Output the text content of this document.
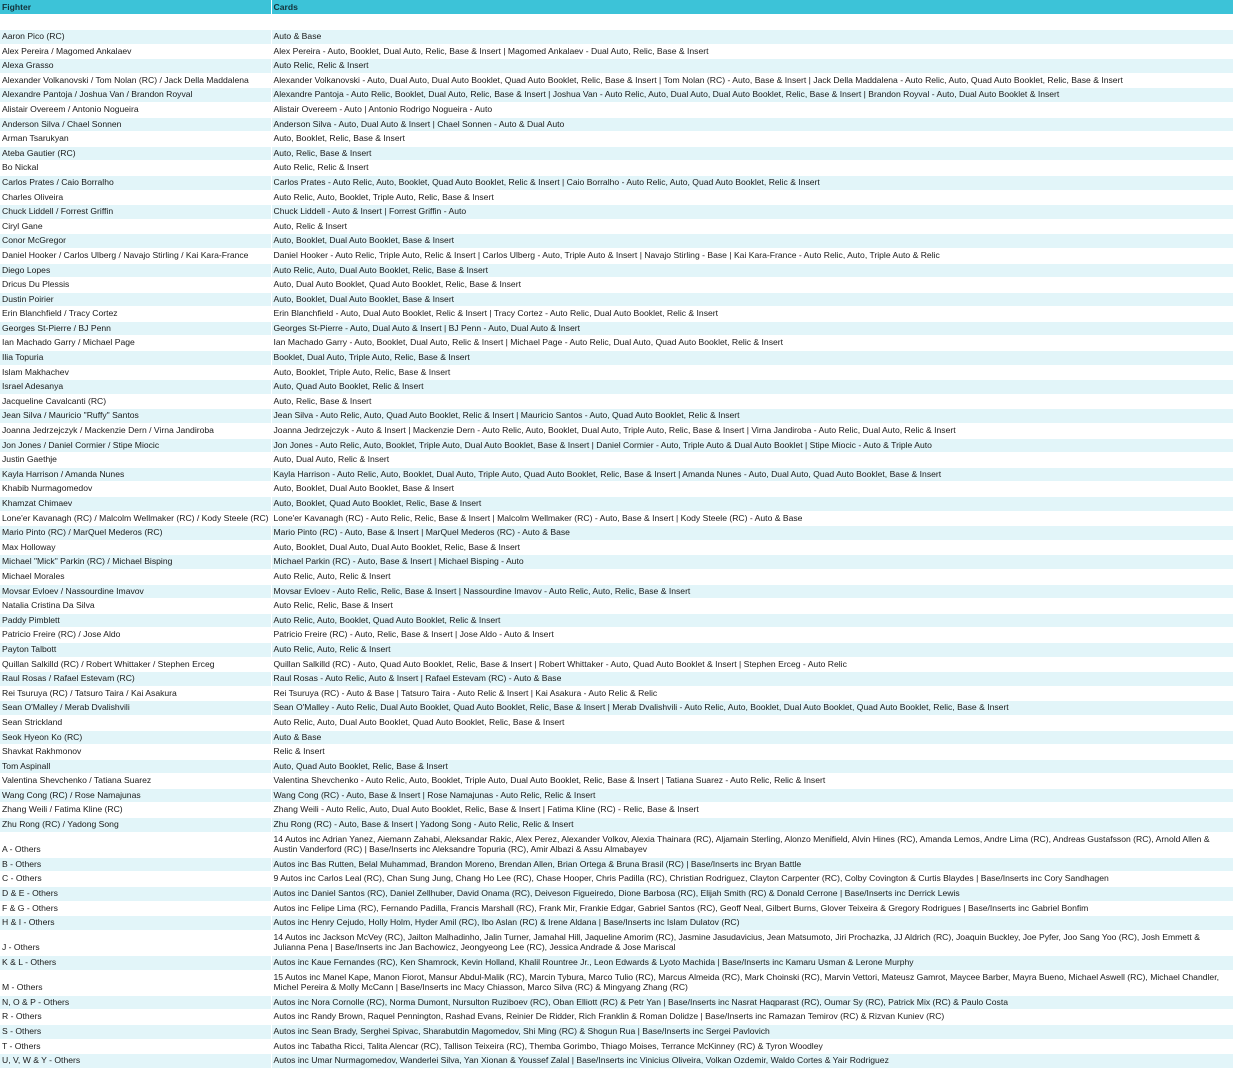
Fighter	Cards

Aaron Pico (RC)	Auto & Base
Alex Pereira / Magomed Ankalaev	Alex Pereira - Auto, Booklet, Dual Auto, Relic, Base & Insert | Magomed Ankalaev - Dual Auto, Relic, Base & Insert
Alexa Grasso	Auto Relic, Relic & Insert
Alexander Volkanovski / Tom Nolan (RC) / Jack Della Maddalena	Alexander Volkanovski - Auto, Dual Auto, Dual Auto Booklet, Quad Auto Booklet, Relic, Base & Insert | Tom Nolan (RC) - Auto, Base & Insert | Jack Della Maddalena - Auto Relic, Auto, Quad Auto Booklet, Relic, Base & Insert
Alexandre Pantoja / Joshua Van / Brandon Royval	Alexandre Pantoja - Auto Relic, Booklet, Dual Auto, Relic, Base & Insert | Joshua Van - Auto Relic, Auto, Dual Auto, Dual Auto Booklet, Relic, Base & Insert | Brandon Royval - Auto, Dual Auto Booklet & Insert
Alistair Overeem / Antonio Nogueira	Alistair Overeem - Auto | Antonio Rodrigo Nogueira - Auto
Anderson Silva / Chael Sonnen	Anderson Silva - Auto, Dual Auto & Insert | Chael Sonnen - Auto & Dual Auto
Arman Tsarukyan	Auto, Booklet, Relic, Base & Insert
Ateba Gautier (RC)	Auto, Relic, Base & Insert
Bo Nickal	Auto Relic, Relic & Insert
Carlos Prates / Caio Borralho	Carlos Prates - Auto Relic, Auto, Booklet, Quad Auto Booklet, Relic & Insert | Caio Borralho - Auto Relic, Auto, Quad Auto Booklet, Relic & Insert
Charles Oliveira	Auto Relic, Auto, Booklet, Triple Auto, Relic, Base & Insert
Chuck Liddell / Forrest Griffin	Chuck Liddell - Auto & Insert | Forrest Griffin - Auto
Ciryl Gane	Auto, Relic & Insert
Conor McGregor	Auto, Booklet, Dual Auto Booklet, Base & Insert
Daniel Hooker / Carlos Ulberg / Navajo Stirling / Kai Kara-France	Daniel Hooker - Auto Relic, Triple Auto, Relic & Insert | Carlos Ulberg - Auto, Triple Auto & Insert | Navajo Stirling - Base | Kai Kara-France - Auto Relic, Auto, Triple Auto & Relic
Diego Lopes	Auto Relic, Auto, Dual Auto Booklet, Relic, Base & Insert
Dricus Du Plessis	Auto, Dual Auto Booklet, Quad Auto Booklet, Relic, Base & Insert
Dustin Poirier	Auto, Booklet, Dual Auto Booklet, Base & Insert
Erin Blanchfield / Tracy Cortez	Erin Blanchfield - Auto, Dual Auto Booklet, Relic & Insert | Tracy Cortez - Auto Relic, Dual Auto Booklet, Relic & Insert
Georges St-Pierre / BJ Penn	Georges St-Pierre - Auto, Dual Auto & Insert | BJ Penn - Auto, Dual Auto & Insert
Ian Machado Garry / Michael Page	Ian Machado Garry - Auto, Booklet, Dual Auto, Relic & Insert | Michael Page - Auto Relic, Dual Auto, Quad Auto Booklet, Relic & Insert
Ilia Topuria	Booklet, Dual Auto, Triple Auto, Relic, Base & Insert
Islam Makhachev	Auto, Booklet, Triple Auto, Relic, Base & Insert
Israel Adesanya	Auto, Quad Auto Booklet, Relic & Insert
Jacqueline Cavalcanti (RC)	Auto, Relic, Base & Insert
Jean Silva / Mauricio "Ruffy" Santos	Jean Silva - Auto Relic, Auto, Quad Auto Booklet, Relic & Insert | Mauricio Santos - Auto, Quad Auto Booklet, Relic & Insert
Joanna Jedrzejczyk / Mackenzie Dern / Virna Jandiroba	Joanna Jedrzejczyk - Auto & Insert | Mackenzie Dern - Auto Relic, Auto, Booklet, Dual Auto, Triple Auto, Relic, Base & Insert | Virna Jandiroba - Auto Relic, Dual Auto, Relic & Insert
Jon Jones / Daniel Cormier / Stipe Miocic	Jon Jones - Auto Relic, Auto, Booklet, Triple Auto, Dual Auto Booklet, Base & Insert | Daniel Cormier - Auto, Triple Auto & Dual Auto Booklet | Stipe Miocic - Auto & Triple Auto
Justin Gaethje	Auto, Dual Auto, Relic & Insert
Kayla Harrison / Amanda Nunes	Kayla Harrison - Auto Relic, Auto, Booklet, Dual Auto, Triple Auto, Quad Auto Booklet, Relic, Base & Insert | Amanda Nunes - Auto, Dual Auto, Quad Auto Booklet, Base & Insert
Khabib Nurmagomedov	Auto, Booklet, Dual Auto Booklet, Base & Insert
Khamzat Chimaev	Auto, Booklet, Quad Auto Booklet, Relic, Base & Insert
Lone'er Kavanagh (RC) / Malcolm Wellmaker (RC) / Kody Steele (RC)	Lone'er Kavanagh (RC) - Auto Relic, Relic, Base & Insert | Malcolm Wellmaker (RC) - Auto, Base & Insert | Kody Steele (RC) - Auto & Base
Mario Pinto (RC) / MarQuel Mederos (RC)	Mario Pinto (RC) - Auto, Base & Insert | MarQuel Mederos (RC) - Auto & Base
Max Holloway	Auto, Booklet, Dual Auto, Dual Auto Booklet, Relic, Base & Insert
Michael "Mick" Parkin (RC) / Michael Bisping	Michael Parkin (RC) - Auto, Base & Insert | Michael Bisping - Auto
Michael Morales	Auto Relic, Auto, Relic & Insert
Movsar Evloev / Nassourdine Imavov	Movsar Evloev - Auto Relic, Relic, Base & Insert | Nassourdine Imavov - Auto Relic, Auto, Relic, Base & Insert
Natalia Cristina Da Silva	Auto Relic, Relic, Base & Insert
Paddy Pimblett	Auto Relic, Auto, Booklet, Quad Auto Booklet, Relic & Insert
Patricio Freire (RC) / Jose Aldo	Patricio Freire (RC) - Auto, Relic, Base & Insert | Jose Aldo - Auto & Insert
Payton Talbott	Auto Relic, Auto, Relic & Insert
Quillan Salkilld (RC) / Robert Whittaker / Stephen Erceg	Quillan Salkilld (RC) - Auto, Quad Auto Booklet, Relic, Base & Insert | Robert Whittaker - Auto, Quad Auto Booklet & Insert | Stephen Erceg - Auto Relic
Raul Rosas / Rafael Estevam (RC)	Raul Rosas - Auto Relic, Auto & Insert | Rafael Estevam (RC) - Auto & Base
Rei Tsuruya (RC) / Tatsuro Taira / Kai Asakura	Rei Tsuruya (RC) - Auto & Base | Tatsuro Taira - Auto Relic & Insert | Kai Asakura - Auto Relic & Relic
Sean O'Malley / Merab Dvalishvili	Sean O'Malley - Auto Relic, Dual Auto Booklet, Quad Auto Booklet, Relic, Base & Insert | Merab Dvalishvili - Auto Relic, Auto, Booklet, Dual Auto Booklet, Quad Auto Booklet, Relic, Base & Insert
Sean Strickland	Auto Relic, Auto, Dual Auto Booklet, Quad Auto Booklet, Relic, Base & Insert
Seok Hyeon Ko (RC)	Auto & Base
Shavkat Rakhmonov	Relic & Insert
Tom Aspinall	Auto, Quad Auto Booklet, Relic, Base & Insert
Valentina Shevchenko / Tatiana Suarez	Valentina Shevchenko - Auto Relic, Auto, Booklet, Triple Auto, Dual Auto Booklet, Relic, Base & Insert | Tatiana Suarez - Auto Relic, Relic & Insert
Wang Cong (RC) / Rose Namajunas	Wang Cong (RC) - Auto, Base & Insert | Rose Namajunas - Auto Relic, Relic & Insert
Zhang Weili / Fatima Kline (RC)	Zhang Weili - Auto Relic, Auto, Dual Auto Booklet, Relic, Base & Insert | Fatima Kline (RC) - Relic, Base & Insert
Zhu Rong (RC) / Yadong Song	Zhu Rong (RC) - Auto, Base & Insert | Yadong Song - Auto Relic, Relic & Insert
A - Others	14 Autos inc Adrian Yanez, Aiemann Zahabi, Aleksandar Rakic, Alex Perez, Alexander Volkov, Alexia Thainara (RC), Aljamain Sterling, Alonzo Menifield, Alvin Hines (RC), Amanda Lemos, Andre Lima (RC), Andreas Gustafsson (RC), Arnold Allen & Austin Vanderford (RC) | Base/Inserts inc Aleksandre Topuria (RC), Amir Albazi & Assu Almabayev
B - Others	Autos inc Bas Rutten, Belal Muhammad, Brandon Moreno, Brendan Allen, Brian Ortega & Bruna Brasil (RC) | Base/Inserts inc Bryan Battle
C - Others	9 Autos inc Carlos Leal (RC), Chan Sung Jung, Chang Ho Lee (RC), Chase Hooper, Chris Padilla (RC), Christian Rodriguez, Clayton Carpenter (RC), Colby Covington & Curtis Blaydes | Base/Inserts inc Cory Sandhagen
D & E - Others	Autos inc Daniel Santos (RC), Daniel Zellhuber, David Onama (RC), Deiveson Figueiredo, Dione Barbosa (RC), Elijah Smith (RC) & Donald Cerrone | Base/Inserts inc Derrick Lewis
F & G - Others	Autos inc Felipe Lima (RC), Fernando Padilla, Francis Marshall (RC), Frank Mir, Frankie Edgar, Gabriel Santos (RC), Geoff Neal, Gilbert Burns, Glover Teixeira & Gregory Rodrigues | Base/Inserts inc Gabriel Bonfim
H & I - Others	Autos inc Henry Cejudo, Holly Holm, Hyder Amil (RC), Ibo Aslan (RC) & Irene Aldana | Base/Inserts inc Islam Dulatov (RC)
J - Others	14 Autos inc Jackson McVey (RC), Jailton Malhadinho, Jalin Turner, Jamahal Hill, Jaqueline Amorim (RC), Jasmine Jasudavicius, Jean Matsumoto, Jiri Prochazka, JJ Aldrich (RC), Joaquin Buckley, Joe Pyfer, Joo Sang Yoo (RC), Josh Emmett & Julianna Pena | Base/Inserts inc Jan Bachowicz, Jeongyeong Lee (RC), Jessica Andrade & Jose Mariscal
K & L - Others	Autos inc Kaue Fernandes (RC), Ken Shamrock, Kevin Holland, Khalil Rountree Jr., Leon Edwards & Lyoto Machida | Base/Inserts inc Kamaru Usman & Lerone Murphy
M - Others	15 Autos inc Manel Kape, Manon Fiorot, Mansur Abdul-Malik (RC), Marcin Tybura, Marco Tulio (RC), Marcus Almeida (RC), Mark Choinski (RC), Marvin Vettori, Mateusz Gamrot, Maycee Barber, Mayra Bueno, Michael Aswell (RC), Michael Chandler, Michel Pereira & Molly McCann | Base/Inserts inc Macy Chiasson, Marco Silva (RC) & Mingyang Zhang (RC)
N, O & P - Others	Autos inc Nora Cornolle (RC), Norma Dumont, Nursulton Ruziboev (RC), Oban Elliott (RC) & Petr Yan | Base/Inserts inc Nasrat Haqparast (RC), Oumar Sy (RC), Patrick Mix (RC) & Paulo Costa
R - Others	Autos inc Randy Brown, Raquel Pennington, Rashad Evans, Reinier De Ridder, Rich Franklin & Roman Dolidze | Base/Inserts inc Ramazan Temirov (RC) & Rizvan Kuniev (RC)
S - Others	Autos inc Sean Brady, Serghei Spivac, Sharabutdin Magomedov, Shi Ming (RC) & Shogun Rua | Base/Inserts inc Sergei Pavlovich
T - Others	Autos inc Tabatha Ricci, Talita Alencar (RC), Tallison Teixeira (RC), Themba Gorimbo, Thiago Moises, Terrance McKinney (RC) & Tyron Woodley
U, V, W & Y - Others	Autos inc Umar Nurmagomedov, Wanderlei Silva, Yan Xionan & Youssef Zalal | Base/Inserts inc Vinicius Oliveira, Volkan Ozdemir, Waldo Cortes & Yair Rodriguez
